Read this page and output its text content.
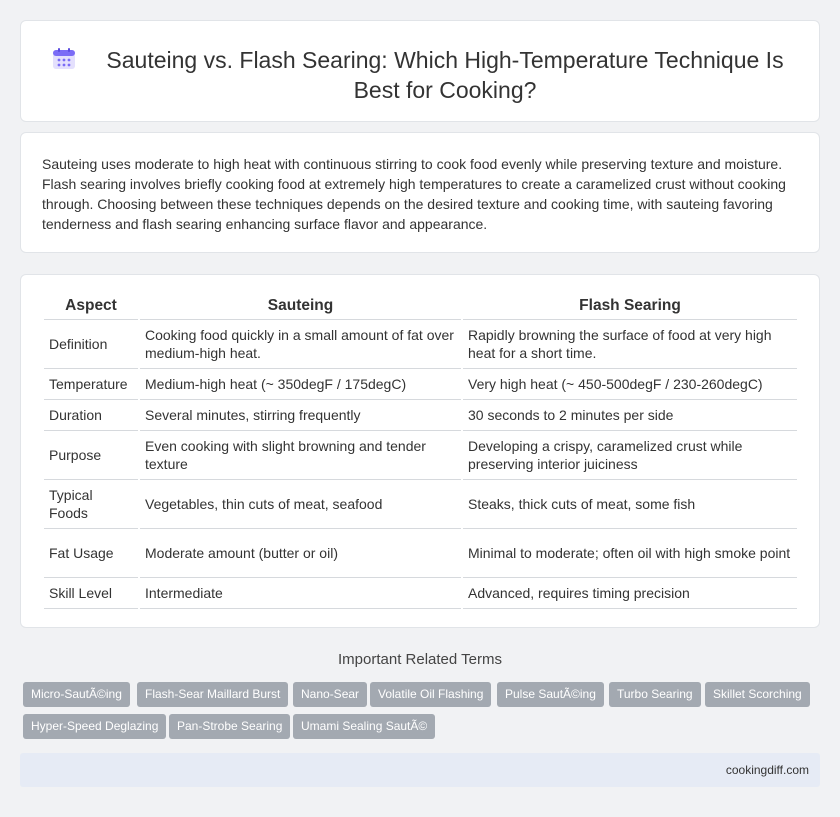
Sauteing vs. Flash Searing: Which High-Temperature Technique Is Best for Cooking?

Sauteing uses moderate to high heat with continuous stirring to cook food evenly while preserving texture and moisture. Flash searing involves briefly cooking food at extremely high temperatures to create a caramelized crust without cooking through. Choosing between these techniques depends on the desired texture and cooking time, with sauteing favoring tenderness and flash searing enhancing surface flavor and appearance.

Aspect	Sauteing	Flash Searing
Definition	Cooking food quickly in a small amount of fat over medium-high heat.	Rapidly browning the surface of food at very high heat for a short time.
Temperature	Medium-high heat (~ 350degF / 175degC)	Very high heat (~ 450-500degF / 230-260degC)
Duration	Several minutes, stirring frequently	30 seconds to 2 minutes per side
Purpose	Even cooking with slight browning and tender texture	Developing a crispy, caramelized crust while preserving interior juiciness
Typical Foods	Vegetables, thin cuts of meat, seafood	Steaks, thick cuts of meat, some fish
Fat Usage	Moderate amount (butter or oil)	Minimal to moderate; often oil with high smoke point
Skill Level	Intermediate	Advanced, requires timing precision
Important Related Terms
Micro-SautÃ©ing	Flash-Sear Maillard Burst	Nano-Sear	Volatile Oil Flashing	Pulse SautÃ©ing	Turbo Searing	Skillet Scorching
Hyper-Speed Deglazing	Pan-Strobe Searing	Umami Sealing SautÃ©
cookingdiff.com
